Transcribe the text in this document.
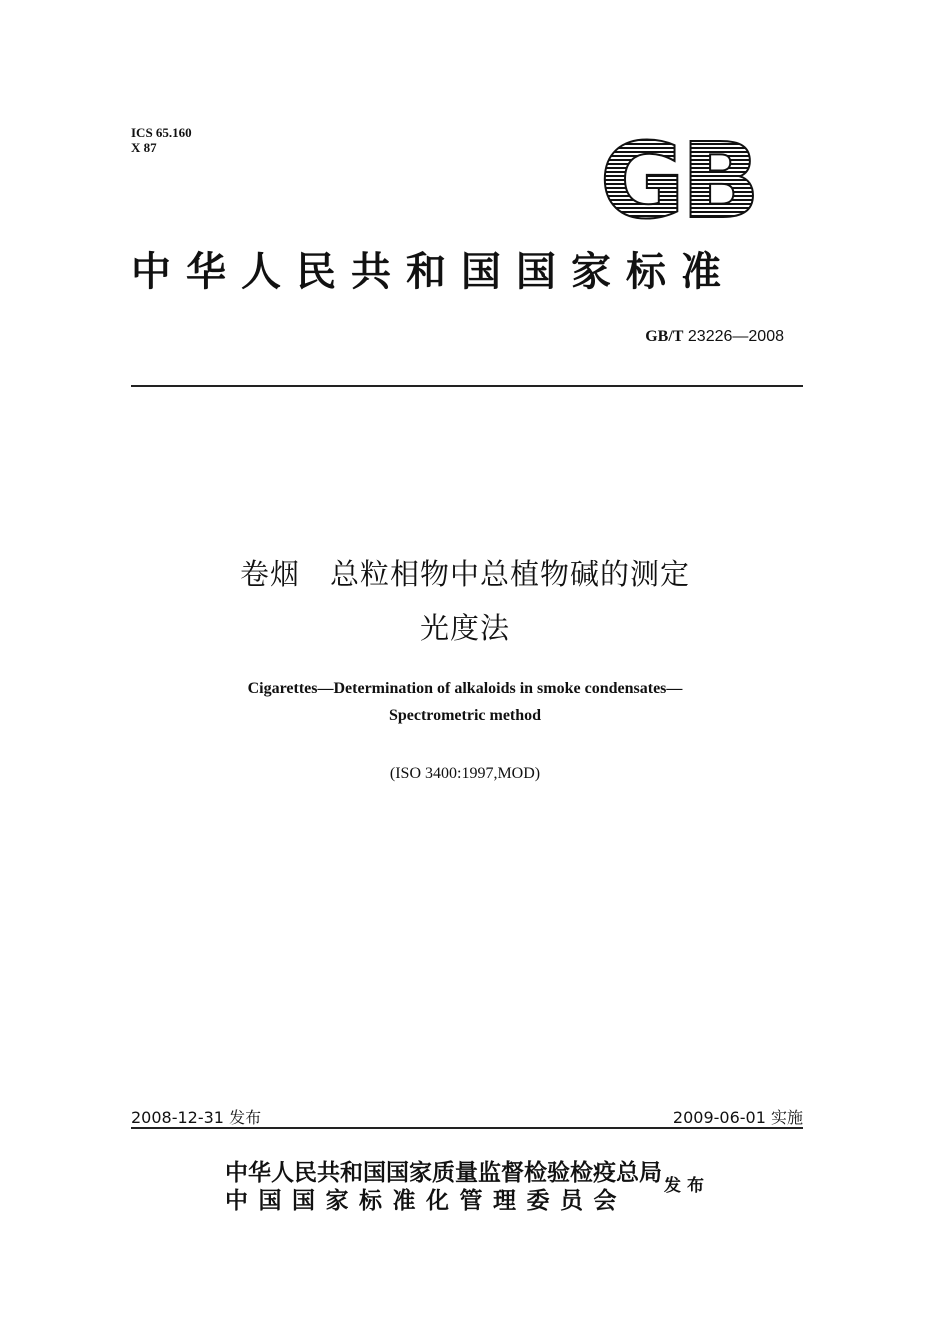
ICS 65.160
X 87	GB
中华人民共和国国家标准
GB/T 23226—2008
卷烟　总粒相物中总植物碱的测定
光度法
Cigarettes—Determination of alkaloids in smoke condensates—
Spectrometric method
(ISO 3400:1997,MOD)
2008-12-31 发布	2009-06-01 实施
中华人民共和国国家质量监督检验检疫总局
中国国家标准化管理委员会
发布
